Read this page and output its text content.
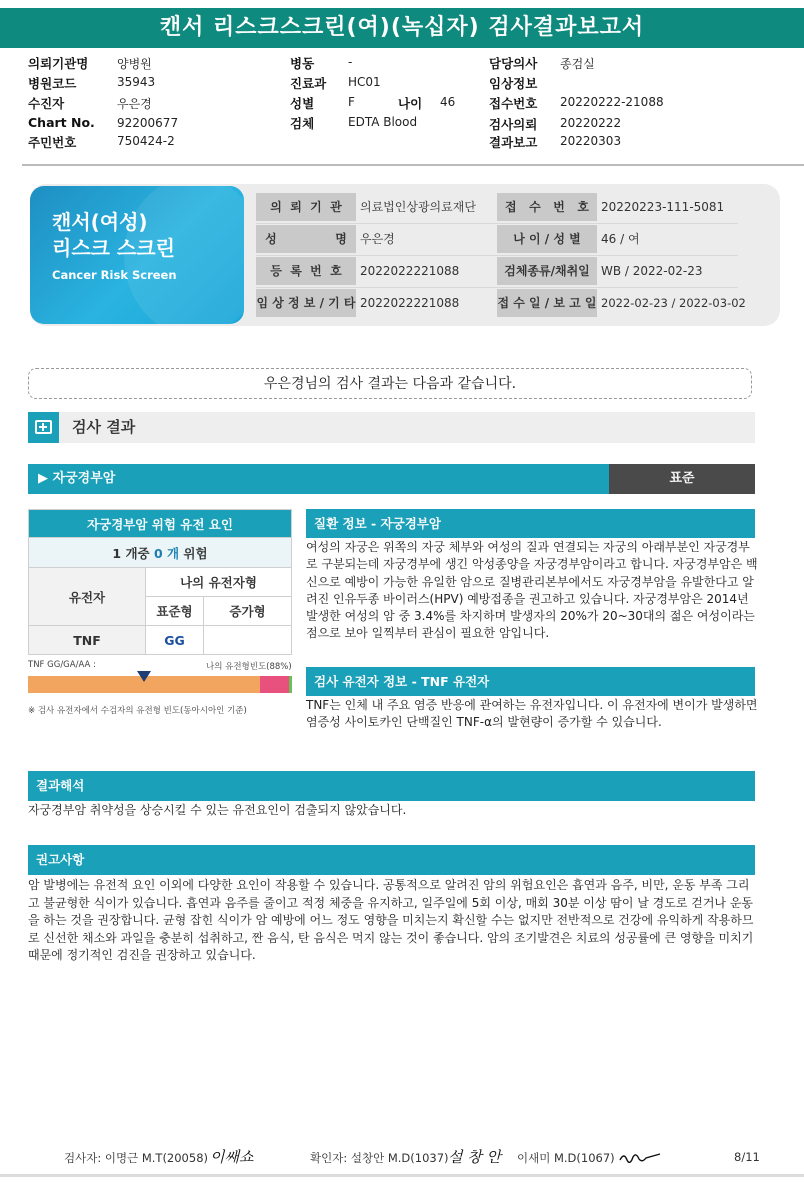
캔서 리스크스크린(여)(녹십자) 검사결과보고서
의뢰기관명 양병원
병원코드	35943
수진자	우은경
Chart No. 92200677
주민번호	750424-2
병동	-
진료과 HC01
성별	F	나이 46
검체	EDTA Blood
담당의사 종검실
임상정보
접수번호 20220222-21088
검사의뢰 20220222
결과보고 20220303
캔서(여성)
리스크 스크린
Cancer Risk Screen
의  뢰  기  관	의료법인상광의료재단	접   수   번   호	20220223-111-5081
성              명	우은경	나 이 / 성 별	46 / 여
등  록  번  호	2022022221088	검체종류/채취일 WB / 2022-02-23
임 상 정 보 / 기 타 2022022221088	접 수 일 / 보 고 일 2022-02-23 / 2022-03-02
우은경님의 검사 결과는 다음과 같습니다.
검사 결과
▶ 자궁경부암	표준
자궁경부암 위험 유전 요인		
1 개중 0 개 위험		
유전자	나의 유전자형	
	표준형	증가형
TNF	GG	
TNF GG/GA/AA :	나의 유전형빈도(88%)
※ 검사 유전자에서 수검자의 유전형 빈도(동아시아인 기준)
질환 정보 - 자궁경부암
여성의 자궁은 위쪽의 자궁 체부와 여성의 질과 연결되는 자궁의 아래부분인 자궁경부로 구분되는데 자궁경부에 생긴 악성종양을 자궁경부암이라고 합니다. 자궁경부암은 백신으로 예방이 가능한 유일한 암으로 질병관리본부에서도 자궁경부암을 유발한다고 알려진 인유두종 바이러스(HPV) 예방접종을 권고하고 있습니다. 자궁경부암은 2014년 발생한 여성의 암 중 3.4%를 차지하며 발생자의 20%가 20~30대의 젊은 여성이라는 점으로 보아 일찍부터 관심이 필요한 암입니다.
검사 유전자 정보 - TNF 유전자
TNF는 인체 내 주요 염증 반응에 관여하는 유전자입니다. 이 유전자에 변이가 발생하면 염증성 사이토카인 단백질인 TNF-α의 발현량이 증가할 수 있습니다.
결과해석
자궁경부암 취약성을 상승시킬 수 있는 유전요인이 검출되지 않았습니다.
권고사항
암 발병에는 유전적 요인 이외에 다양한 요인이 작용할 수 있습니다. 공통적으로 알려진 암의 위험요인은 흡연과 음주, 비만, 운동 부족 그리고 불균형한 식이가 있습니다. 흡연과 음주를 줄이고 적정 체중을 유지하고, 일주일에 5회 이상, 매회 30분 이상 땀이 날 경도로 걷거나 운동을 하는 것을 권장합니다. 균형 잡힌 식이가 암 예방에 어느 정도 영향을 미치는지 확신할 수는 없지만 전반적으로 건강에 유익하게 작용하므로 신선한 채소와 과일을 충분히 섭취하고, 짠 음식, 탄 음식은 먹지 않는 것이 좋습니다. 암의 조기발견은 치료의 성공률에 큰 영향을 미치기 때문에 정기적인 검진을 권장하고 있습니다.
검사자: 이명근 M.T(20058) 이쌔쇼	확인자: 설창안 M.D(1037) 설 창 안 이새미 M.D(1067)	8/11
